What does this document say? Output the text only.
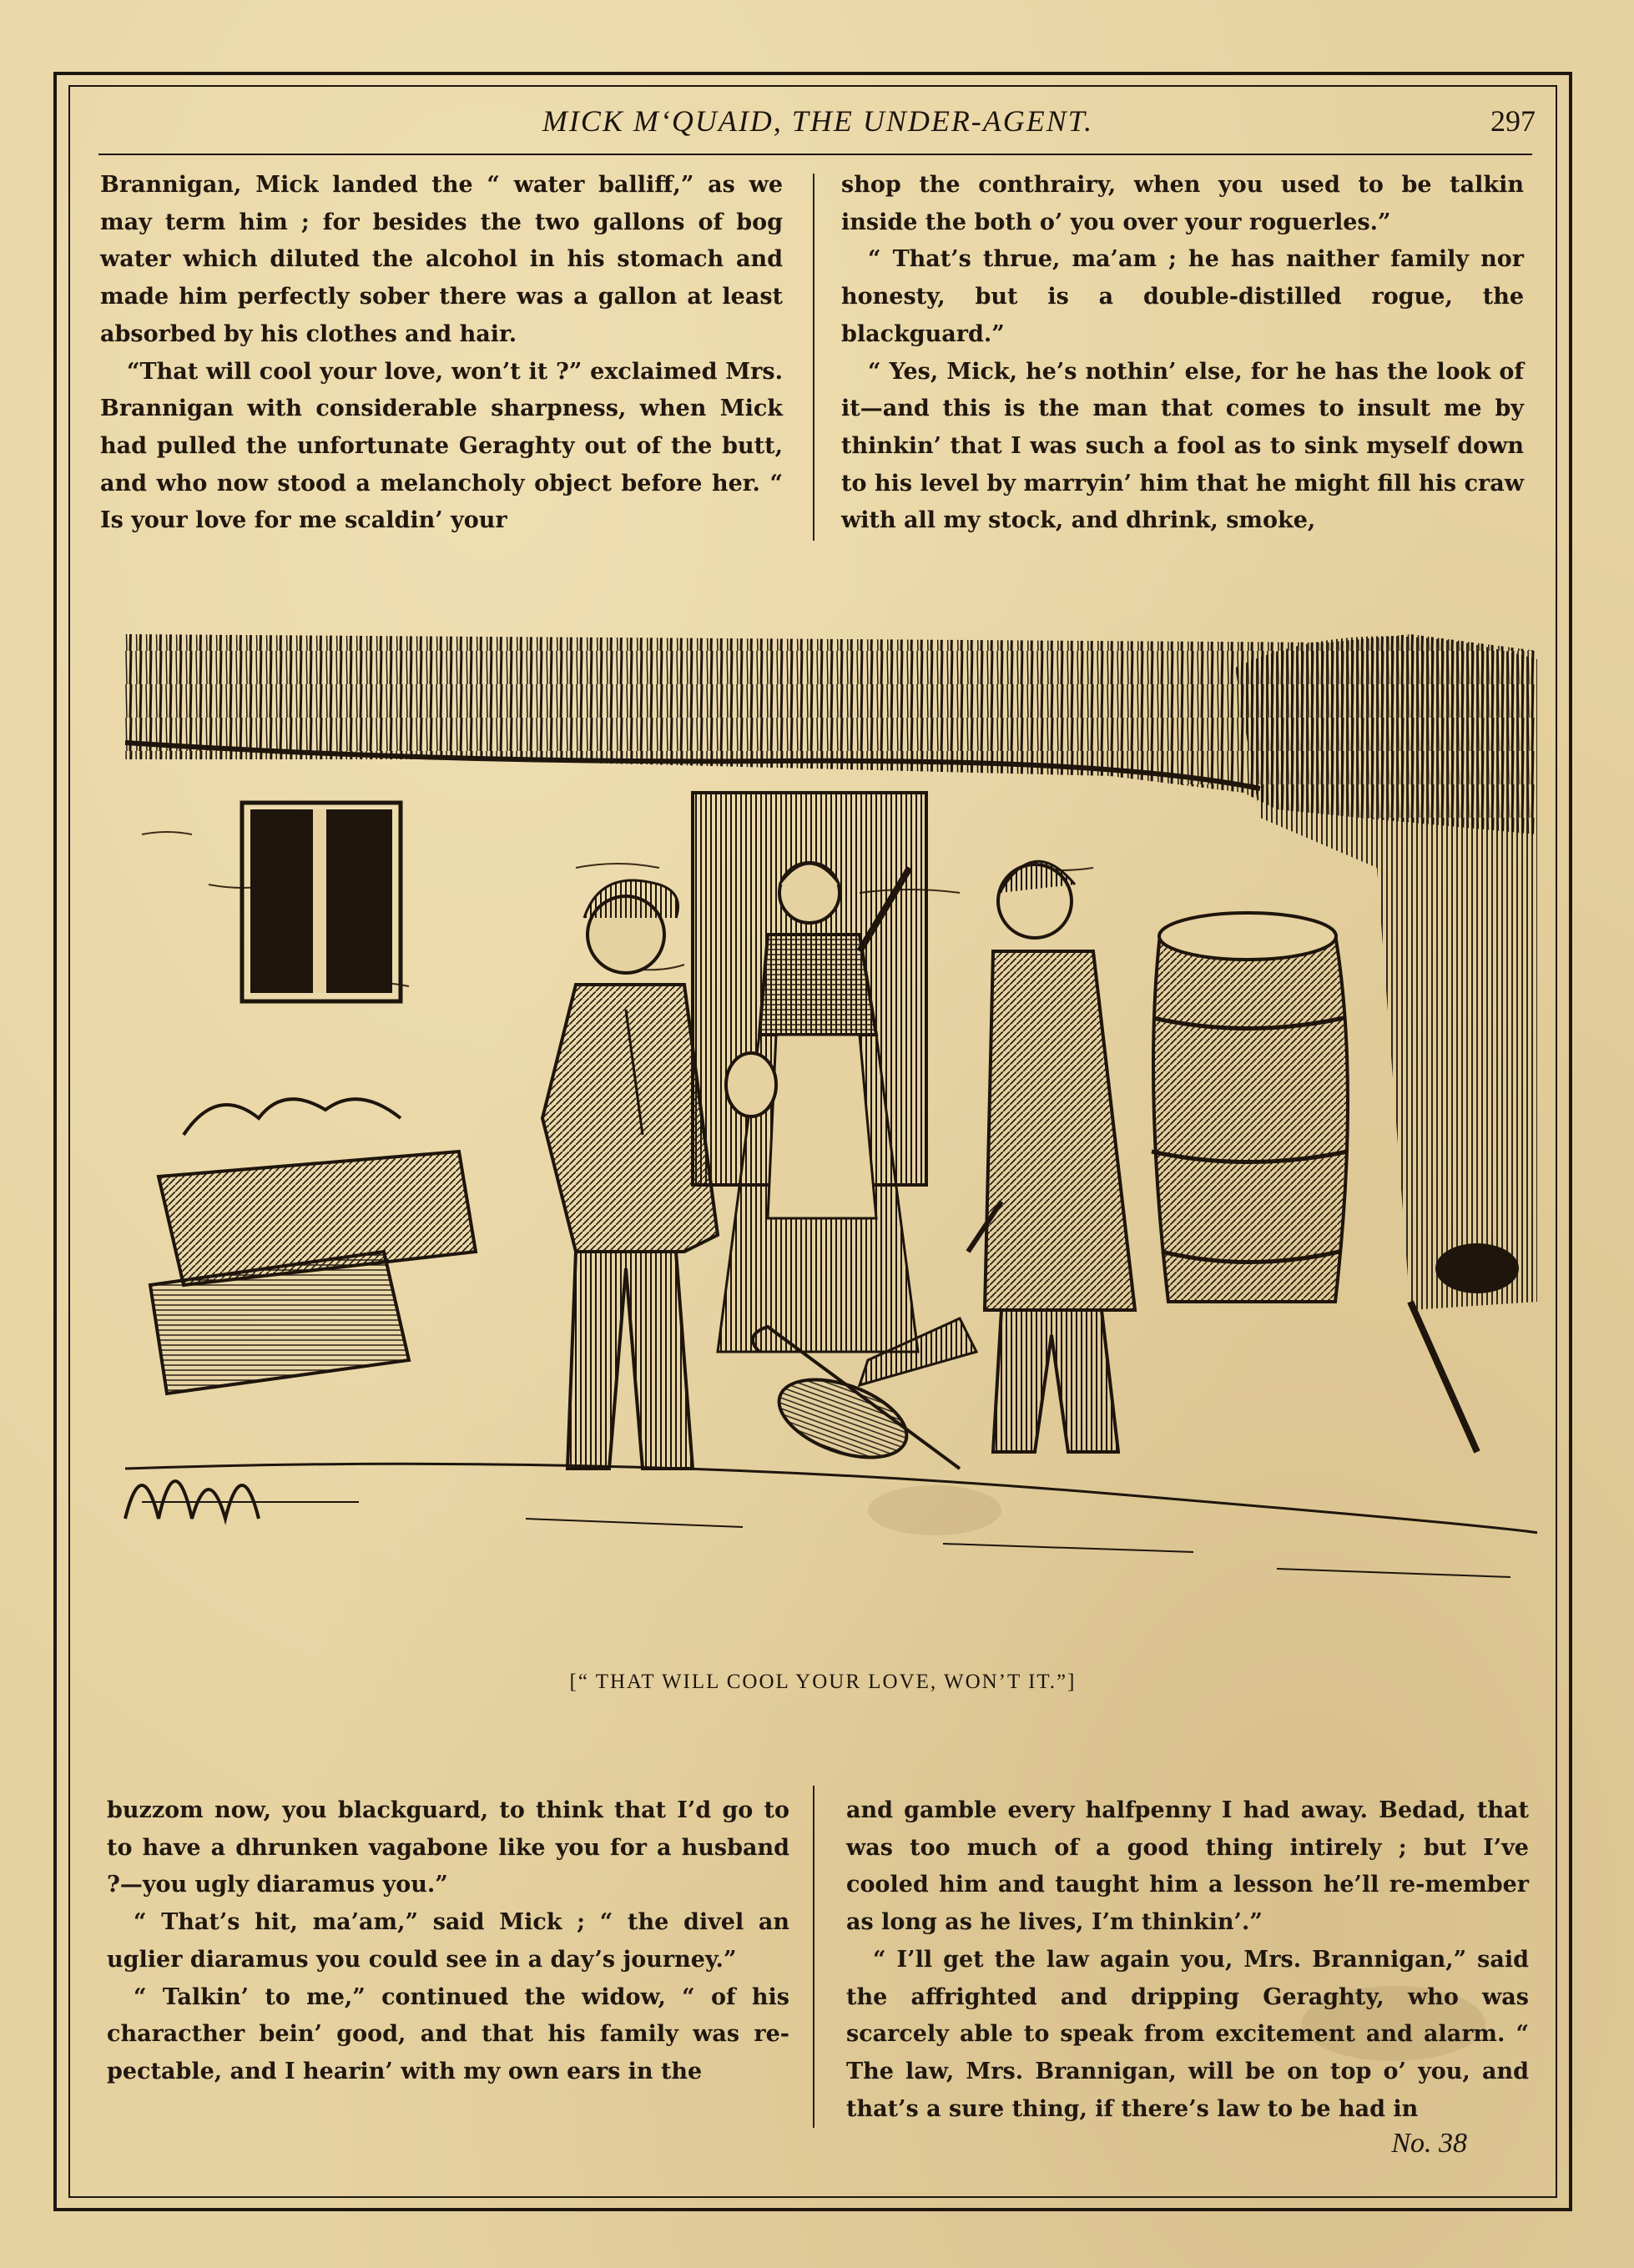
MICK M‘QUAID, THE UNDER-AGENT.	297

Brannigan, Mick landed the “ water balliff,” as we may term him ; for besides the two gallons of bog water which diluted the alcohol in his stomach and made him perfectly sober there was a gallon at least absorbed by his clothes and hair.

“That will cool your love, won’t it ?” exclaimed Mrs. Brannigan with considerable sharpness, when Mick had pulled the unfortunate Geraghty out of the butt, and who now stood a melancholy object before her. “ Is your love for me scaldin’ your

shop the conthrairy, when you used to be talkin inside the both o’ you over your roguerles.”

“ That’s thrue, ma’am ; he has naither family nor honesty, but is a double-distilled rogue, the blackguard.”

“ Yes, Mick, he’s nothin’ else, for he has the look of it—and this is the man that comes to insult me by thinkin’ that I was such a fool as to sink myself down to his level by marryin’ him that he might fill his craw with all my stock, and dhrink, smoke,

[“ THAT WILL COOL YOUR LOVE, WON’T IT.”]

buzzom now, you blackguard, to think that I’d go to to have a dhrunken vagabone like you for a husband ?—you ugly diaramus you.”

“ That’s hit, ma’am,” said Mick ; “ the divel an uglier diaramus you could see in a day’s journey.”

“ Talkin’ to me,” continued the widow, “ of his characther bein’ good, and that his family was re-pectable, and I hearin’ with my own ears in the

and gamble every halfpenny I had away. Bedad, that was too much of a good thing intirely ; but I’ve cooled him and taught him a lesson he’ll re-member as long as he lives, I’m thinkin’.”

“ I’ll get the law again you, Mrs. Brannigan,” said the affrighted and dripping Geraghty, who was scarcely able to speak from excitement and alarm. “ The law, Mrs. Brannigan, will be on top o’ you, and that’s a sure thing, if there’s law to be had in

No. 38
